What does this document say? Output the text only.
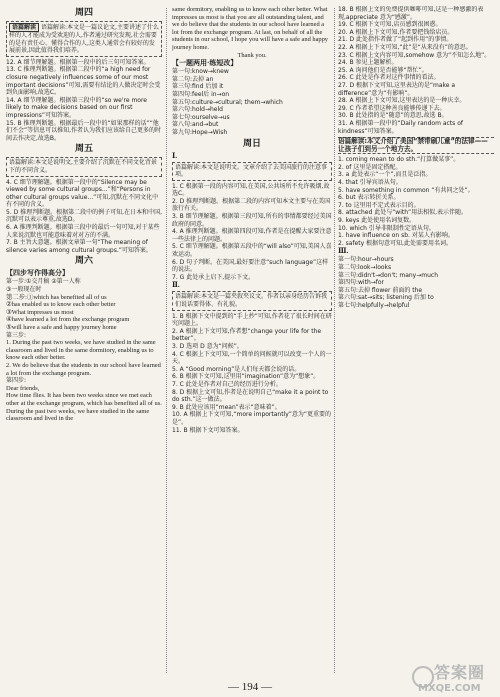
周四
语篇解读 语篇解读:本文是一篇议论文,主要讲述了什么样的人才能成为受欢迎的人,作者通过研究发现,社会需要的是有责任心、懂得合作的人,这类人通常会有较好的发展前景,因此值得我们培养。

12. A 细节理解题。根据第一段中的后三句可知答案。

13. C 推理判断题。根据第二段中的“a high need for closure negatively influences some of our most important decisions”可知,需要有结论的人做决定时会受到负面影响,故选C。

14. A 细节理解题。根据第三段中的“so we're more likely to make decisions based on our first impressions”可知答案。

15. B 推理判断题。根据最后一段中的“如果那样的话”“他们不会”等信息可以推知,作者认为我们应该给自己更多的时间去作决定,故选B。

周五
语篇解读:本文是说明文,主要介绍了沉默在不同文化背景下的不同含义。

4. C 细节理解题。根据第一段中的“Silence may be viewed by some cultural groups...”和“Persons in other cultural groups value...”可知,沉默在不同文化中有不同的含义。

5. D 推理判断题。根据第二段中的例子可知,在日本和中国,沉默可以表示尊重,故选D。

6. A 推理判断题。根据第三段中的最后一句可知,对于某些人来说沉默也可能意味着对对方的不满。

7. B 主旨大意题。根据文章第一句“The meaning of silence varies among cultural groups.”可知答案。

周六

【四步写作得高分】

第一步:①交月稿 ②第一人称

③一般现在时

第二步:①which has benefited all of us

②has enabled us to know each other better

③What impresses us most

④have learned a lot from the exchange program

⑤will have a safe and happy journey home

第三步:

1. During the past two weeks, we have studied in the same classroom and lived in the same dormitory, enabling us to know each other better.

2. We do believe that the students in our school have learned a lot from the exchange program.

第四步:

Dear friends,

How time flies. It has been two weeks since we met each other at the exchange program, which has benefited all of us.

During the past two weeks, we have studied in the same classroom and lived in the

same dormitory, enabling us to know each other better. What impresses us most is that you are all outstanding talent, and we do believe that the students in our school have learned a lot from the exchange program. At last, on behalf of all the students in our school, I hope you will have a safe and happy journey home.

Thank you.

【一题两用·练短改】

第一句:know→knew

第二句:去掉 an

第三句:find 后加 it

第四句:feel后 in→on

第五句:culture→cultural; them→which

第六句:hold→held

第七句:ourselve→us

第八句:and→but

第九句:Hope→Wish

周日

Ⅰ.

语篇解读:本文是说明文。文章介绍了去美国旅行的注意事项。

1. C 根据第一段的内容可知,在美国,公共场所不允许吸烟,故选C。

2. D 推理判断题。根据第二段的内容可知本文主要与在美国旅行有关。

3. B 细节理解题。根据第三段可知,所有的事情都要经过美国政府的同意。

4. A 推理判断题。根据第四段可知,作者是在提醒大家要注意一些法律上的问题。

5. C 细节理解题。根据第五段中的“will also”可知,美国人喜欢运动。

6. D 句子判断。在美国,最好要注意“such language”这样的说法。

7. G 此处承上启下,提示下文。

Ⅱ.

语篇解读:本文是一篇夹叙夹议文。作者以亲身经历告诉我们说话要得体、有礼貌。

1. B 根据下文中提到的“手上抄”可知,作者花了很长时间在研究问题上。

2. A 根据上下文可知,作者想“change your life for the better”。

3. D 选项 D 意为“问候”。

4. C 根据上下文可知,一个简单的问候就可以改变一个人的一天。

5. A “Good morning”是人们每天都会说的话。

6. B 根据下文可知,这里用“imagination”意为“想象”。

7. C 此处是作者对自己的经历进行分析。

8. D 根据上文可知,作者是在说明自己“make it a point to do sth.”这一做法。

9. B 此处应该用“mean”表示“意味着”。

10. A 根据上下文可知,“more importantly”意为“更重要的是”。

11. B 根据下文可知答案。

18. B 根据上文的免费提供咖啡可知,这是一种感激的表现,appreciate 意为“感激”。

19. C 根据下文可知,店员感到很困惑。

20. A 根据上下文可知,作者要把钱给店员。

21. D 此处指作者做了“起到作用”的事情。

22. A 根据上下文可知,“此”是“从来没有”的意思。

23. C 根据上文内容可知,somehow 意为“不知怎么地”。

24. B 参见上题解析。

25. A 询问他们是否能够“帮忙”。

26. C 此处是作者对这件事情的看法。

27. D 根据下文可知,这里表达的是“make a difference”意为“有影响”。

28. A 根据上下文可知,这里表达的是一种庆幸。

29. C 作者希望这种善良能够传递下去。

30. B 此处指的是“随意”的意思,故选 B。

31. A 根据第一段中的“Daily random acts of kindness”可知答案。

语篇解读:本文介绍了美国“禁带刷儿童”的法律——让孩子们到另一个地方去。

1. coming mean to do sth.“打算做某事”。

2. of 这里是固定搭配。

3. a 此处表示“一个”,而且是泛指。

4. that 引导宾语从句。

5. have something in common “有共同之处”。

6. but 表示转折关系。

7. to 这里用不定式表示目的。

8. attached 此处与“with”用法相似,表示伴随。

9. keys 此处使用名词复数。

10. which 引导非限制性定语从句。

1. have influence on sb. 对某人有影响。

2. safety 根据句意可知,此处需要用名词。

Ⅲ.

第一句:hour→hours

第二句:look→looks

第三句:didn't→don't; many→much

第四句:with→for

第五句:去掉 flower 前面的 the

第六句:sat→sits; listening 后加 to

第七句:helpfully→helpful

— 194 —
答案圈
MXQE.COM
